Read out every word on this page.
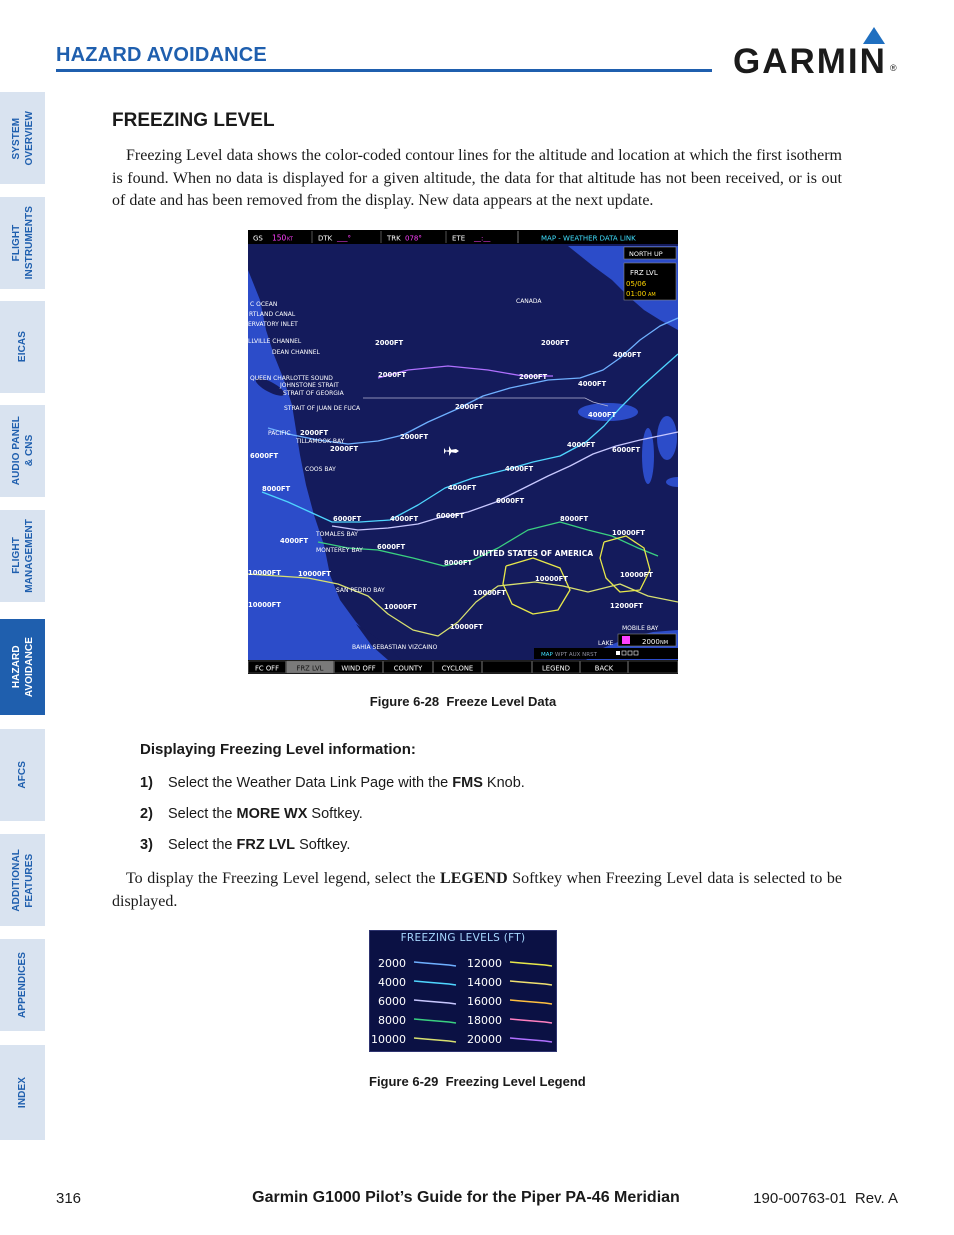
HAZARD AVOIDANCE	GARMIN ®
SYSTEM OVERVIEW
FLIGHT INSTRUMENTS
EICAS
AUDIO PANEL & CNS
FLIGHT MANAGEMENT
HAZARD AVOIDANCE
AFCS
ADDITIONAL FEATURES
APPENDICES
INDEX
FREEZING LEVEL

Freezing Level data shows the color-coded contour lines for the altitude and location at which the first isotherm is found. When no data is displayed for a given altitude, the data for that altitude has not been received, or is out of date and has been removed from the display. New data appears at the next update.

CANADA
C OCEAN
RTLAND CANAL
ERVATORY INLET
LLVILLE CHANNEL
DEAN CHANNEL
QUEEN CHARLOTTE SOUND
JOHNSTONE STRAIT
STRAIT OF GEORGIA
STRAIT OF JUAN DE FUCA
PACIFIC
TILLAMOOK BAY
COOS BAY
TOMALES BAY
MONTEREY BAY
SAN PEDRO BAY
BAHIA SEBASTIAN VIZCAINO
MOBILE BAY
LAKE
UNITED STATES OF AMERICA
2000FT
2000FT
2000FT
2000FT
4000FT
4000FT
4000FT
2000FT
2000FT
4000FT
6000FT
4000FT
4000FT
6000FT
6000FT
4000FT	8000FT
10000FT
2000FT
6000FT
2000FT
8000FT
6000FT
4000FT
6000FT
8000FT
10000FT
10000FT	10000FT
10000FT
10000FT
10000FT
10000FT
10000FT
12000FT
GS 150 KT	DTK ___°	TRK 078°	ETE __:__	MAP - WEATHER DATA LINK
NORTH UP
FRZ LVL
05/06
01:00 AM
2000 NM
MAP WPT AUX NRST
FC OFF	FRZ LVL	WIND OFF	COUNTY	CYCLONE	LEGEND	BACK
Figure 6-28  Freeze Level Data
Displaying Freezing Level information:
1) Select the Weather Data Link Page with the FMS Knob.
2) Select the MORE WX Softkey.
3) Select the FRZ LVL Softkey.

To display the Freezing Level legend, select the LEGEND Softkey when Freezing Level data is selected to be displayed.

FREEZING LEVELS (FT)
2000
4000
6000
8000
10000
12000
14000
16000
18000
20000
Figure 6-29  Freezing Level Legend
316	Garmin G1000 Pilot’s Guide for the Piper PA-46 Meridian	190-00763-01  Rev. A
